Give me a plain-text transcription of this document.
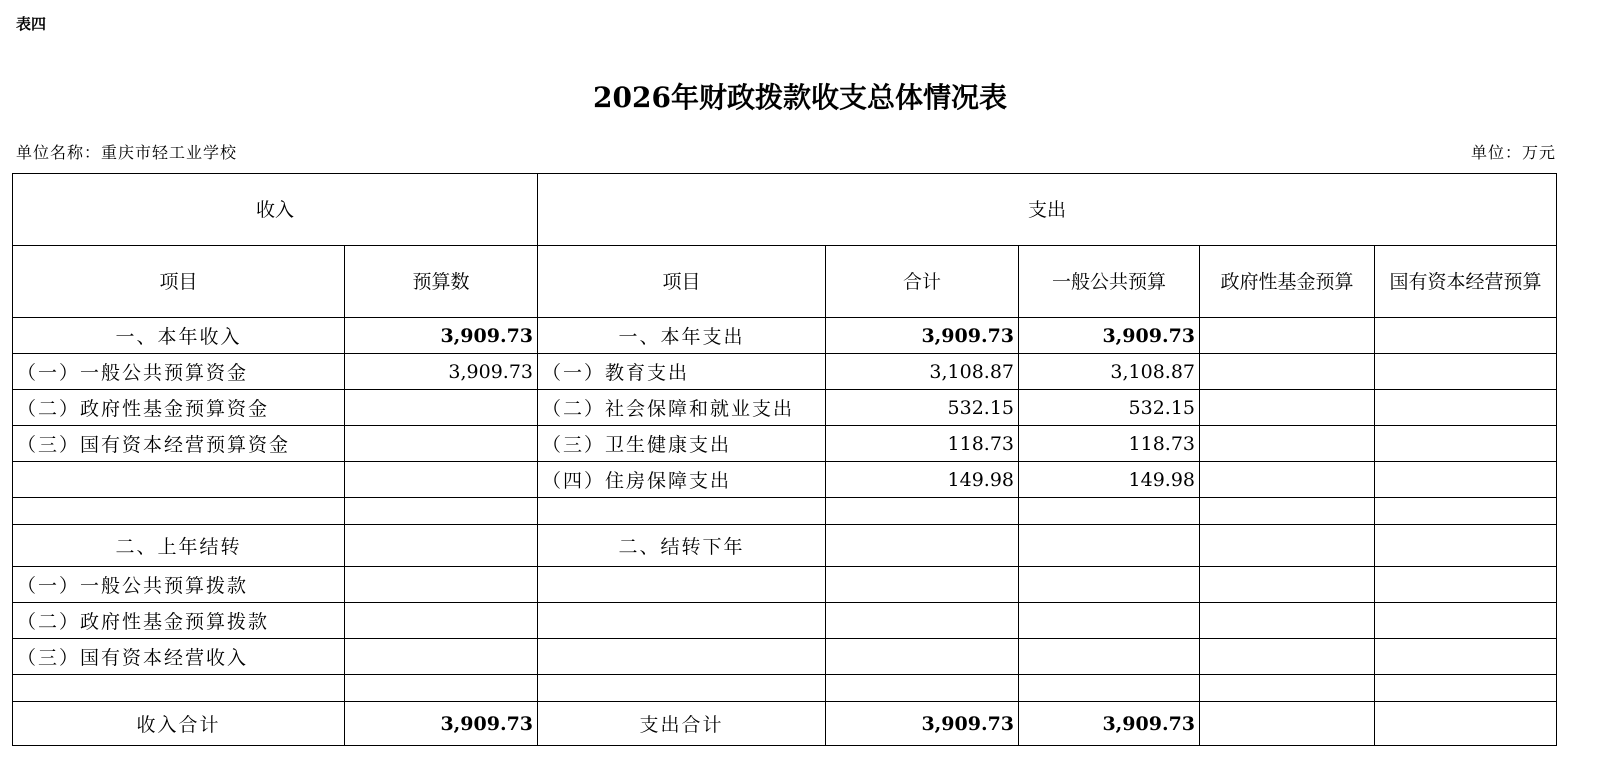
表四
2026年财政拨款收支总体情况表
单位名称：重庆市轻工业学校	单位：万元
收入		支出				
项目	预算数	项目	合计	一般公共预算	政府性基金预算	国有资本经营预算
一、本年收入	3,909.73	一、本年支出	3,909.73	3,909.73		
（一）一般公共预算资金	3,909.73	（一）教育支出	3,108.87	3,108.87		
（二）政府性基金预算资金		（二）社会保障和就业支出	532.15	532.15		
（三）国有资本经营预算资金		（三）卫生健康支出	118.73	118.73		
		（四）住房保障支出	149.98	149.98		

二、上年结转		二、结转下年				
（一）一般公共预算拨款						
（二）政府性基金预算拨款						
（三）国有资本经营收入						

收入合计	3,909.73	支出合计	3,909.73	3,909.73		
